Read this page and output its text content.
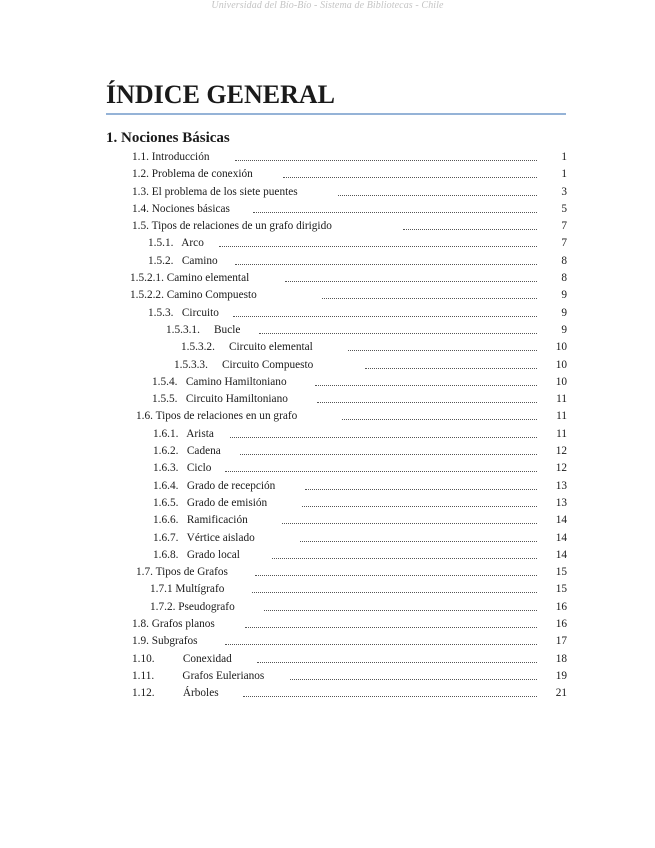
Universidad del Bío-Bío - Sistema de Bibliotecas - Chile
ÍNDICE GENERAL
1. Nociones Básicas
1.1. Introducción	1
1.2. Problema de conexión	1
1.3. El problema de los siete puentes	3
1.4. Nociones básicas	5
1.5. Tipos de relaciones de un grafo dirigido	7
1.5.1.   Arco	7
1.5.2.   Camino	8
1.5.2.1. Camino elemental	8
1.5.2.2. Camino Compuesto	9
1.5.3.   Circuito	9
1.5.3.1.     Bucle	9
1.5.3.2.     Circuito elemental	10
1.5.3.3.     Circuito Compuesto	10
1.5.4.   Camino Hamiltoniano	10
1.5.5.   Circuito Hamiltoniano	11
1.6. Tipos de relaciones en un grafo	11
1.6.1.   Arista	11
1.6.2.   Cadena	12
1.6.3.   Ciclo	12
1.6.4.   Grado de recepción	13
1.6.5.   Grado de emisión	13
1.6.6.   Ramificación	14
1.6.7.   Vértice aislado	14
1.6.8.   Grado local	14
1.7. Tipos de Grafos	15
1.7.1 Multígrafo	15
1.7.2. Pseudografo	16
1.8. Grafos planos	16
1.9. Subgrafos	17
1.10.          Conexidad	18
1.11.          Grafos Eulerianos	19
1.12.          Árboles	21
